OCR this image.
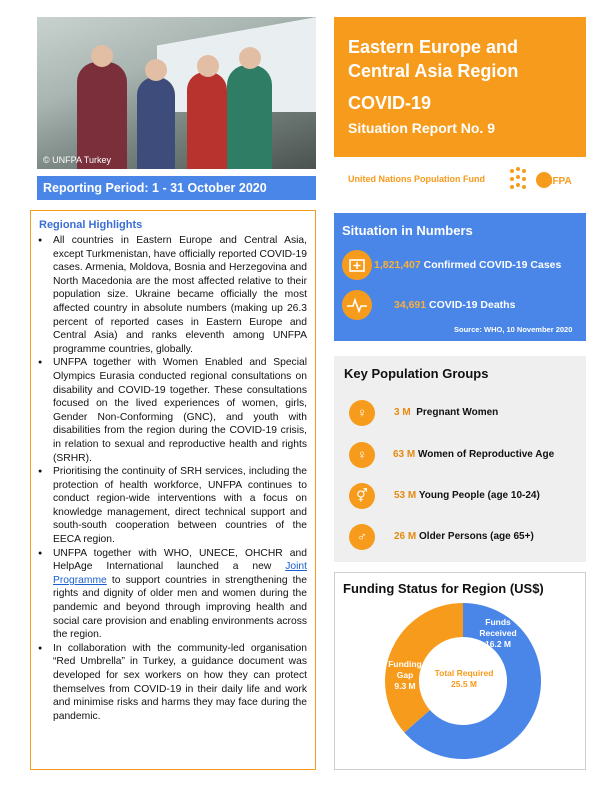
© UNFPA Turkey
Reporting Period: 1 - 31 October 2020
Eastern Europe and Central Asia Region
COVID-19
Situation Report No. 9
United Nations Population Fund	UNFPA
Regional Highlights
● All countries in Eastern Europe and Central Asia, except Turkmenistan, have officially reported COVID-19 cases. Armenia, Moldova, Bosnia and Herzegovina and North Macedonia are the most affected relative to their population size. Ukraine became officially the most affected country in absolute numbers (making up 26.3 percent of reported cases in Eastern Europe and Central Asia) and ranks eleventh among UNFPA programme countries, globally.
● UNFPA together with Women Enabled and Special Olympics Eurasia conducted regional consultations on disability and COVID-19 together. These consultations focused on the lived experiences of women, girls, Gender Non-Conforming (GNC), and youth with disabilities from the region during the COVID-19 crisis, in relation to sexual and reproductive health and rights (SRHR).
● Prioritising the continuity of SRH services, including the protection of health workforce, UNFPA continues to conduct region-wide interventions with a focus on knowledge management, direct technical support and south-south cooperation between countries of the EECA region.
● UNFPA together with WHO, UNECE, OHCHR and HelpAge International launched a new Joint Programme to support countries in strengthening the rights and dignity of older men and women during the pandemic and beyond through improving health and social care provision and enabling environments across the region.
● In collaboration with the community-led organisation “Red Umbrella” in Turkey, a guidance document was developed for sex workers on how they can protect themselves from COVID-19 in their daily life and work and minimise risks and harms they may face during the pandemic.
Situation in Numbers
1,821,407 Confirmed COVID-19 Cases
34,691 COVID-19 Deaths
Source: WHO, 10 November 2020
Key Population Groups
♀	3 M Pregnant Women
♀	63 M Women of Reproductive Age
⚥	53 M Young People (age 10-24)
♂	26 M Older Persons (age 65+)
Funding Status for Region (US$)
Funds Received
16.2 M
Funding Gap
9.3 M
Total Required
25.5 M
